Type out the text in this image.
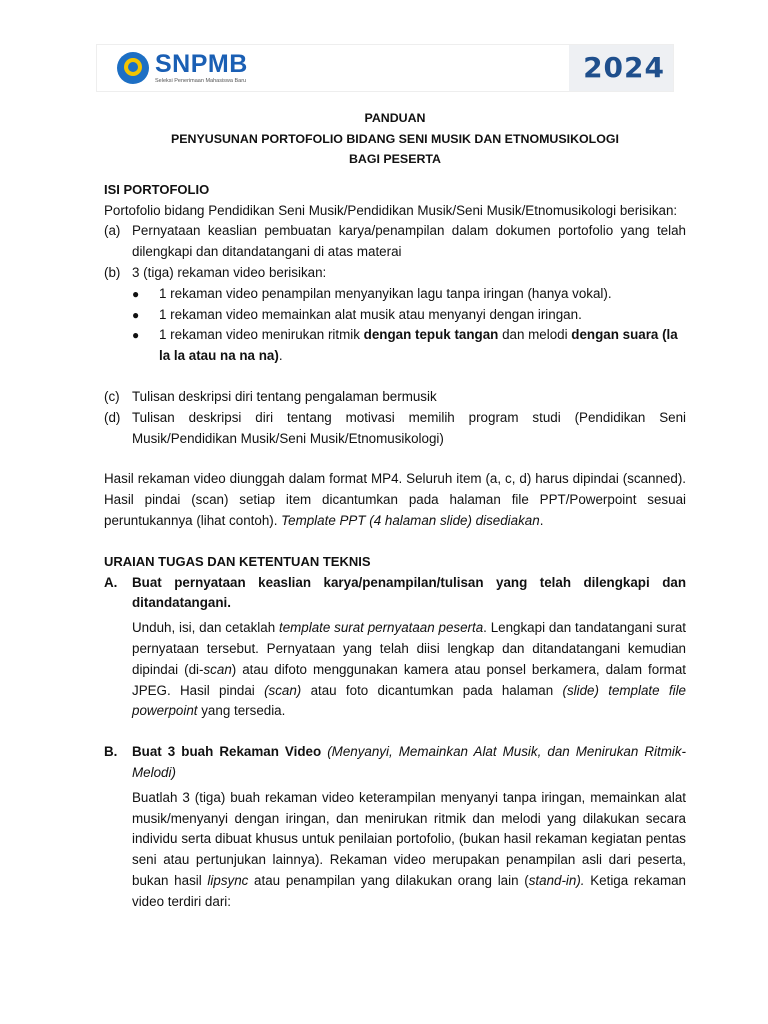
SNPMB
Seleksi Penerimaan Mahasiswa Baru	2024
PANDUAN
PENYUSUNAN PORTOFOLIO BIDANG SENI MUSIK DAN ETNOMUSIKOLOGI
BAGI PESERTA
ISI PORTOFOLIO
Portofolio bidang Pendidikan Seni Musik/Pendidikan Musik/Seni Musik/Etnomusikologi berisikan:
(a) Pernyataan keaslian pembuatan karya/penampilan dalam dokumen portofolio yang telah dilengkapi dan ditandatangani di atas materai
(b) 3 (tiga) rekaman video berisikan:
●	1 rekaman video penampilan menyanyikan lagu tanpa iringan (hanya vokal).
●	1 rekaman video memainkan alat musik atau menyanyi dengan iringan.
●	1 rekaman video menirukan ritmik dengan tepuk tangan dan melodi dengan suara (la la la atau na na na).
(c) Tulisan deskripsi diri tentang pengalaman bermusik
(d) Tulisan deskripsi diri tentang motivasi memilih program studi (Pendidikan Seni Musik/Pendidikan Musik/Seni Musik/Etnomusikologi)
Hasil rekaman video diunggah dalam format MP4. Seluruh item (a, c, d) harus dipindai (scanned). Hasil pindai (scan) setiap item dicantumkan pada halaman file PPT/Powerpoint sesuai peruntukannya (lihat contoh). Template PPT (4 halaman slide) disediakan.
URAIAN TUGAS DAN KETENTUAN TEKNIS
A.	Buat pernyataan keaslian karya/penampilan/tulisan yang telah dilengkapi dan ditandatangani.
Unduh, isi, dan cetaklah template surat pernyataan peserta. Lengkapi dan tandatangani surat pernyataan tersebut. Pernyataan yang telah diisi lengkap dan ditandatangani kemudian dipindai (di-scan) atau difoto menggunakan kamera atau ponsel berkamera, dalam format JPEG. Hasil pindai (scan) atau foto dicantumkan pada halaman (slide) template file powerpoint yang tersedia.
B.	Buat 3 buah Rekaman Video (Menyanyi, Memainkan Alat Musik, dan Menirukan Ritmik-Melodi)
Buatlah 3 (tiga) buah rekaman video keterampilan menyanyi tanpa iringan, memainkan alat musik/menyanyi dengan iringan, dan menirukan ritmik dan melodi yang dilakukan secara individu serta dibuat khusus untuk penilaian portofolio, (bukan hasil rekaman kegiatan pentas seni atau pertunjukan lainnya). Rekaman video merupakan penampilan asli dari peserta, bukan hasil lipsync atau penampilan yang dilakukan orang lain (stand-in). Ketiga rekaman video terdiri dari:
